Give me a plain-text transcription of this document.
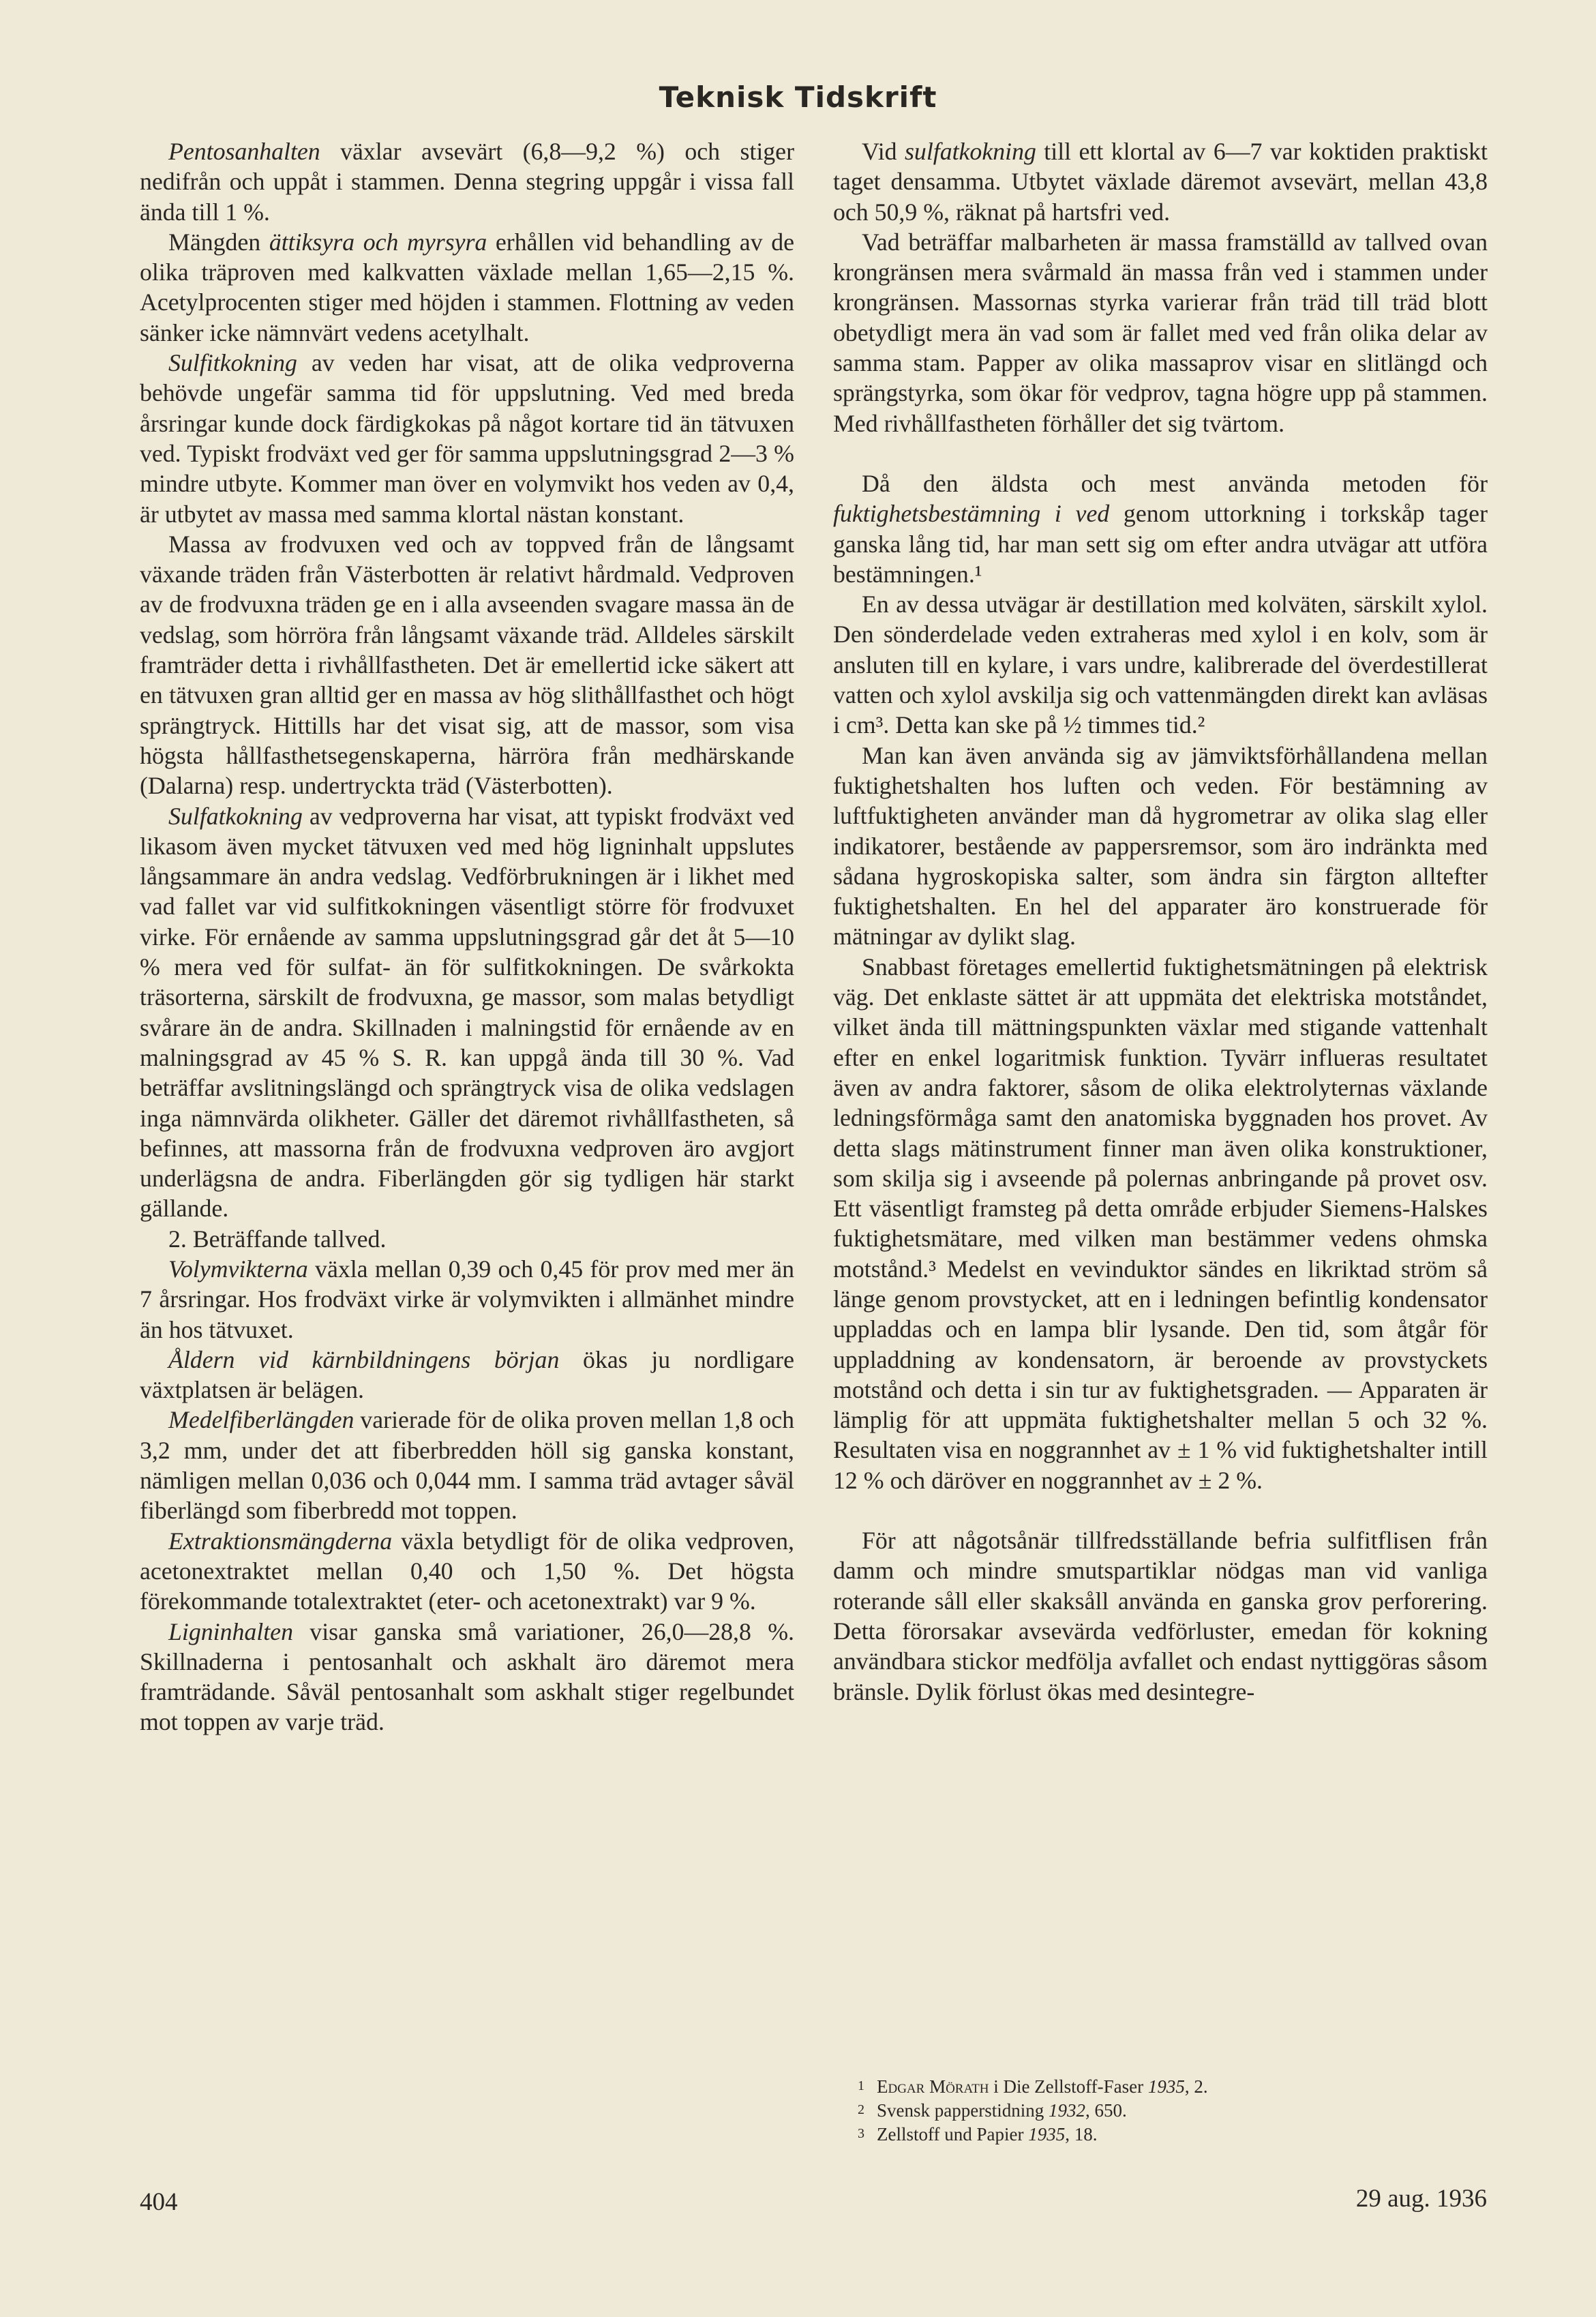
Teknisk Tidskrift

Pentosanhalten växlar avsevärt (6,8—9,2 %) och stiger nedifrån och uppåt i stammen. Denna stegring uppgår i vissa fall ända till 1 %.

Mängden ättiksyra och myrsyra erhållen vid behandling av de olika träproven med kalkvatten växlade mellan 1,65—2,15 %. Acetylprocenten stiger med höjden i stammen. Flottning av veden sänker icke nämnvärt vedens acetylhalt.

Sulfitkokning av veden har visat, att de olika vedproverna behövde ungefär samma tid för uppslutning. Ved med breda årsringar kunde dock färdigkokas på något kortare tid än tätvuxen ved. Typiskt frodväxt ved ger för samma uppslutningsgrad 2—3 % mindre utbyte. Kommer man över en volymvikt hos veden av 0,4, är utbytet av massa med samma klortal nästan konstant.

Massa av frodvuxen ved och av toppved från de långsamt växande träden från Västerbotten är relativt hårdmald. Vedproven av de frodvuxna träden ge en i alla avseenden svagare massa än de vedslag, som hörröra från långsamt växande träd. Alldeles särskilt framträder detta i rivhållfastheten. Det är emellertid icke säkert att en tätvuxen gran alltid ger en massa av hög slithållfasthet och högt sprängtryck. Hittills har det visat sig, att de massor, som visa högsta hållfasthetsegenskaperna, härröra från medhärskande (Dalarna) resp. undertryckta träd (Västerbotten).

Sulfatkokning av vedproverna har visat, att typiskt frodväxt ved likasom även mycket tätvuxen ved med hög ligninhalt uppslutes långsammare än andra vedslag. Vedförbrukningen är i likhet med vad fallet var vid sulfitkokningen väsentligt större för frodvuxet virke. För ernående av samma uppslutningsgrad går det åt 5—10 % mera ved för sulfat- än för sulfitkokningen. De svårkokta träsorterna, särskilt de frodvuxna, ge massor, som malas betydligt svårare än de andra. Skillnaden i malningstid för ernående av en malningsgrad av 45 % S. R. kan uppgå ända till 30 %. Vad beträffar avslitningslängd och sprängtryck visa de olika vedslagen inga nämnvärda olikheter. Gäller det däremot rivhållfastheten, så befinnes, att massorna från de frodvuxna vedproven äro avgjort underlägsna de andra. Fiberlängden gör sig tydligen här starkt gällande.

2. Beträffande tallved.

Volymvikterna växla mellan 0,39 och 0,45 för prov med mer än 7 årsringar. Hos frodväxt virke är volymvikten i allmänhet mindre än hos tätvuxet.

Åldern vid kärnbildningens början ökas ju nordligare växtplatsen är belägen.

Medelfiberlängden varierade för de olika proven mellan 1,8 och 3,2 mm, under det att fiberbredden höll sig ganska konstant, nämligen mellan 0,036 och 0,044 mm. I samma träd avtager såväl fiberlängd som fiberbredd mot toppen.

Extraktionsmängderna växla betydligt för de olika vedproven, acetonextraktet mellan 0,40 och 1,50 %. Det högsta förekommande totalextraktet (eter- och acetonextrakt) var 9 %.

Ligninhalten visar ganska små variationer, 26,0—28,8 %. Skillnaderna i pentosanhalt och askhalt äro däremot mera framträdande. Såväl pentosanhalt som askhalt stiger regelbundet mot toppen av varje träd.

Vid sulfatkokning till ett klortal av 6—7 var koktiden praktiskt taget densamma. Utbytet växlade däremot avsevärt, mellan 43,8 och 50,9 %, räknat på hartsfri ved.

Vad beträffar malbarheten är massa framställd av tallved ovan krongränsen mera svårmald än massa från ved i stammen under krongränsen. Massornas styrka varierar från träd till träd blott obetydligt mera än vad som är fallet med ved från olika delar av samma stam. Papper av olika massaprov visar en slitlängd och sprängstyrka, som ökar för vedprov, tagna högre upp på stammen. Med rivhållfastheten förhåller det sig tvärtom.

Då den äldsta och mest använda metoden för fuktighetsbestämning i ved genom uttorkning i torkskåp tager ganska lång tid, har man sett sig om efter andra utvägar att utföra bestämningen.¹

En av dessa utvägar är destillation med kolväten, särskilt xylol. Den sönderdelade veden extraheras med xylol i en kolv, som är ansluten till en kylare, i vars undre, kalibrerade del överdestillerat vatten och xylol avskilja sig och vattenmängden direkt kan avläsas i cm³. Detta kan ske på ½ timmes tid.²

Man kan även använda sig av jämviktsförhållandena mellan fuktighetshalten hos luften och veden. För bestämning av luftfuktigheten använder man då hygrometrar av olika slag eller indikatorer, bestående av pappersremsor, som äro indränkta med sådana hygroskopiska salter, som ändra sin färgton alltefter fuktighetshalten. En hel del apparater äro konstruerade för mätningar av dylikt slag.

Snabbast företages emellertid fuktighetsmätningen på elektrisk väg. Det enklaste sättet är att uppmäta det elektriska motståndet, vilket ända till mättningspunkten växlar med stigande vattenhalt efter en enkel logaritmisk funktion. Tyvärr influeras resultatet även av andra faktorer, såsom de olika elektrolyternas växlande ledningsförmåga samt den anatomiska byggnaden hos provet. Av detta slags mätinstrument finner man även olika konstruktioner, som skilja sig i avseende på polernas anbringande på provet osv. Ett väsentligt framsteg på detta område erbjuder Siemens-Halskes fuktighetsmätare, med vilken man bestämmer vedens ohmska motstånd.³ Medelst en vevinduktor sändes en likriktad ström så länge genom provstycket, att en i ledningen befintlig kondensator uppladdas och en lampa blir lysande. Den tid, som åtgår för uppladdning av kondensatorn, är beroende av provstyckets motstånd och detta i sin tur av fuktighetsgraden. — Apparaten är lämplig för att uppmäta fuktighetshalter mellan 5 och 32 %. Resultaten visa en noggrannhet av ± 1 % vid fuktighetshalter intill 12 % och däröver en noggrannhet av ± 2 %.

För att någotsånär tillfredsställande befria sulfitflisen från damm och mindre smutspartiklar nödgas man vid vanliga roterande såll eller skaksåll använda en ganska grov perforering. Detta förorsakar avsevärda vedförluster, emedan för kokning användbara stickor medfölja avfallet och endast nyttiggöras såsom bränsle. Dylik förlust ökas med desintegre-

1 Edgar Mörath i Die Zellstoff-Faser 1935, 2.
2 Svensk papperstidning 1932, 650.
3 Zellstoff und Papier 1935, 18.
404	29 aug. 1936
